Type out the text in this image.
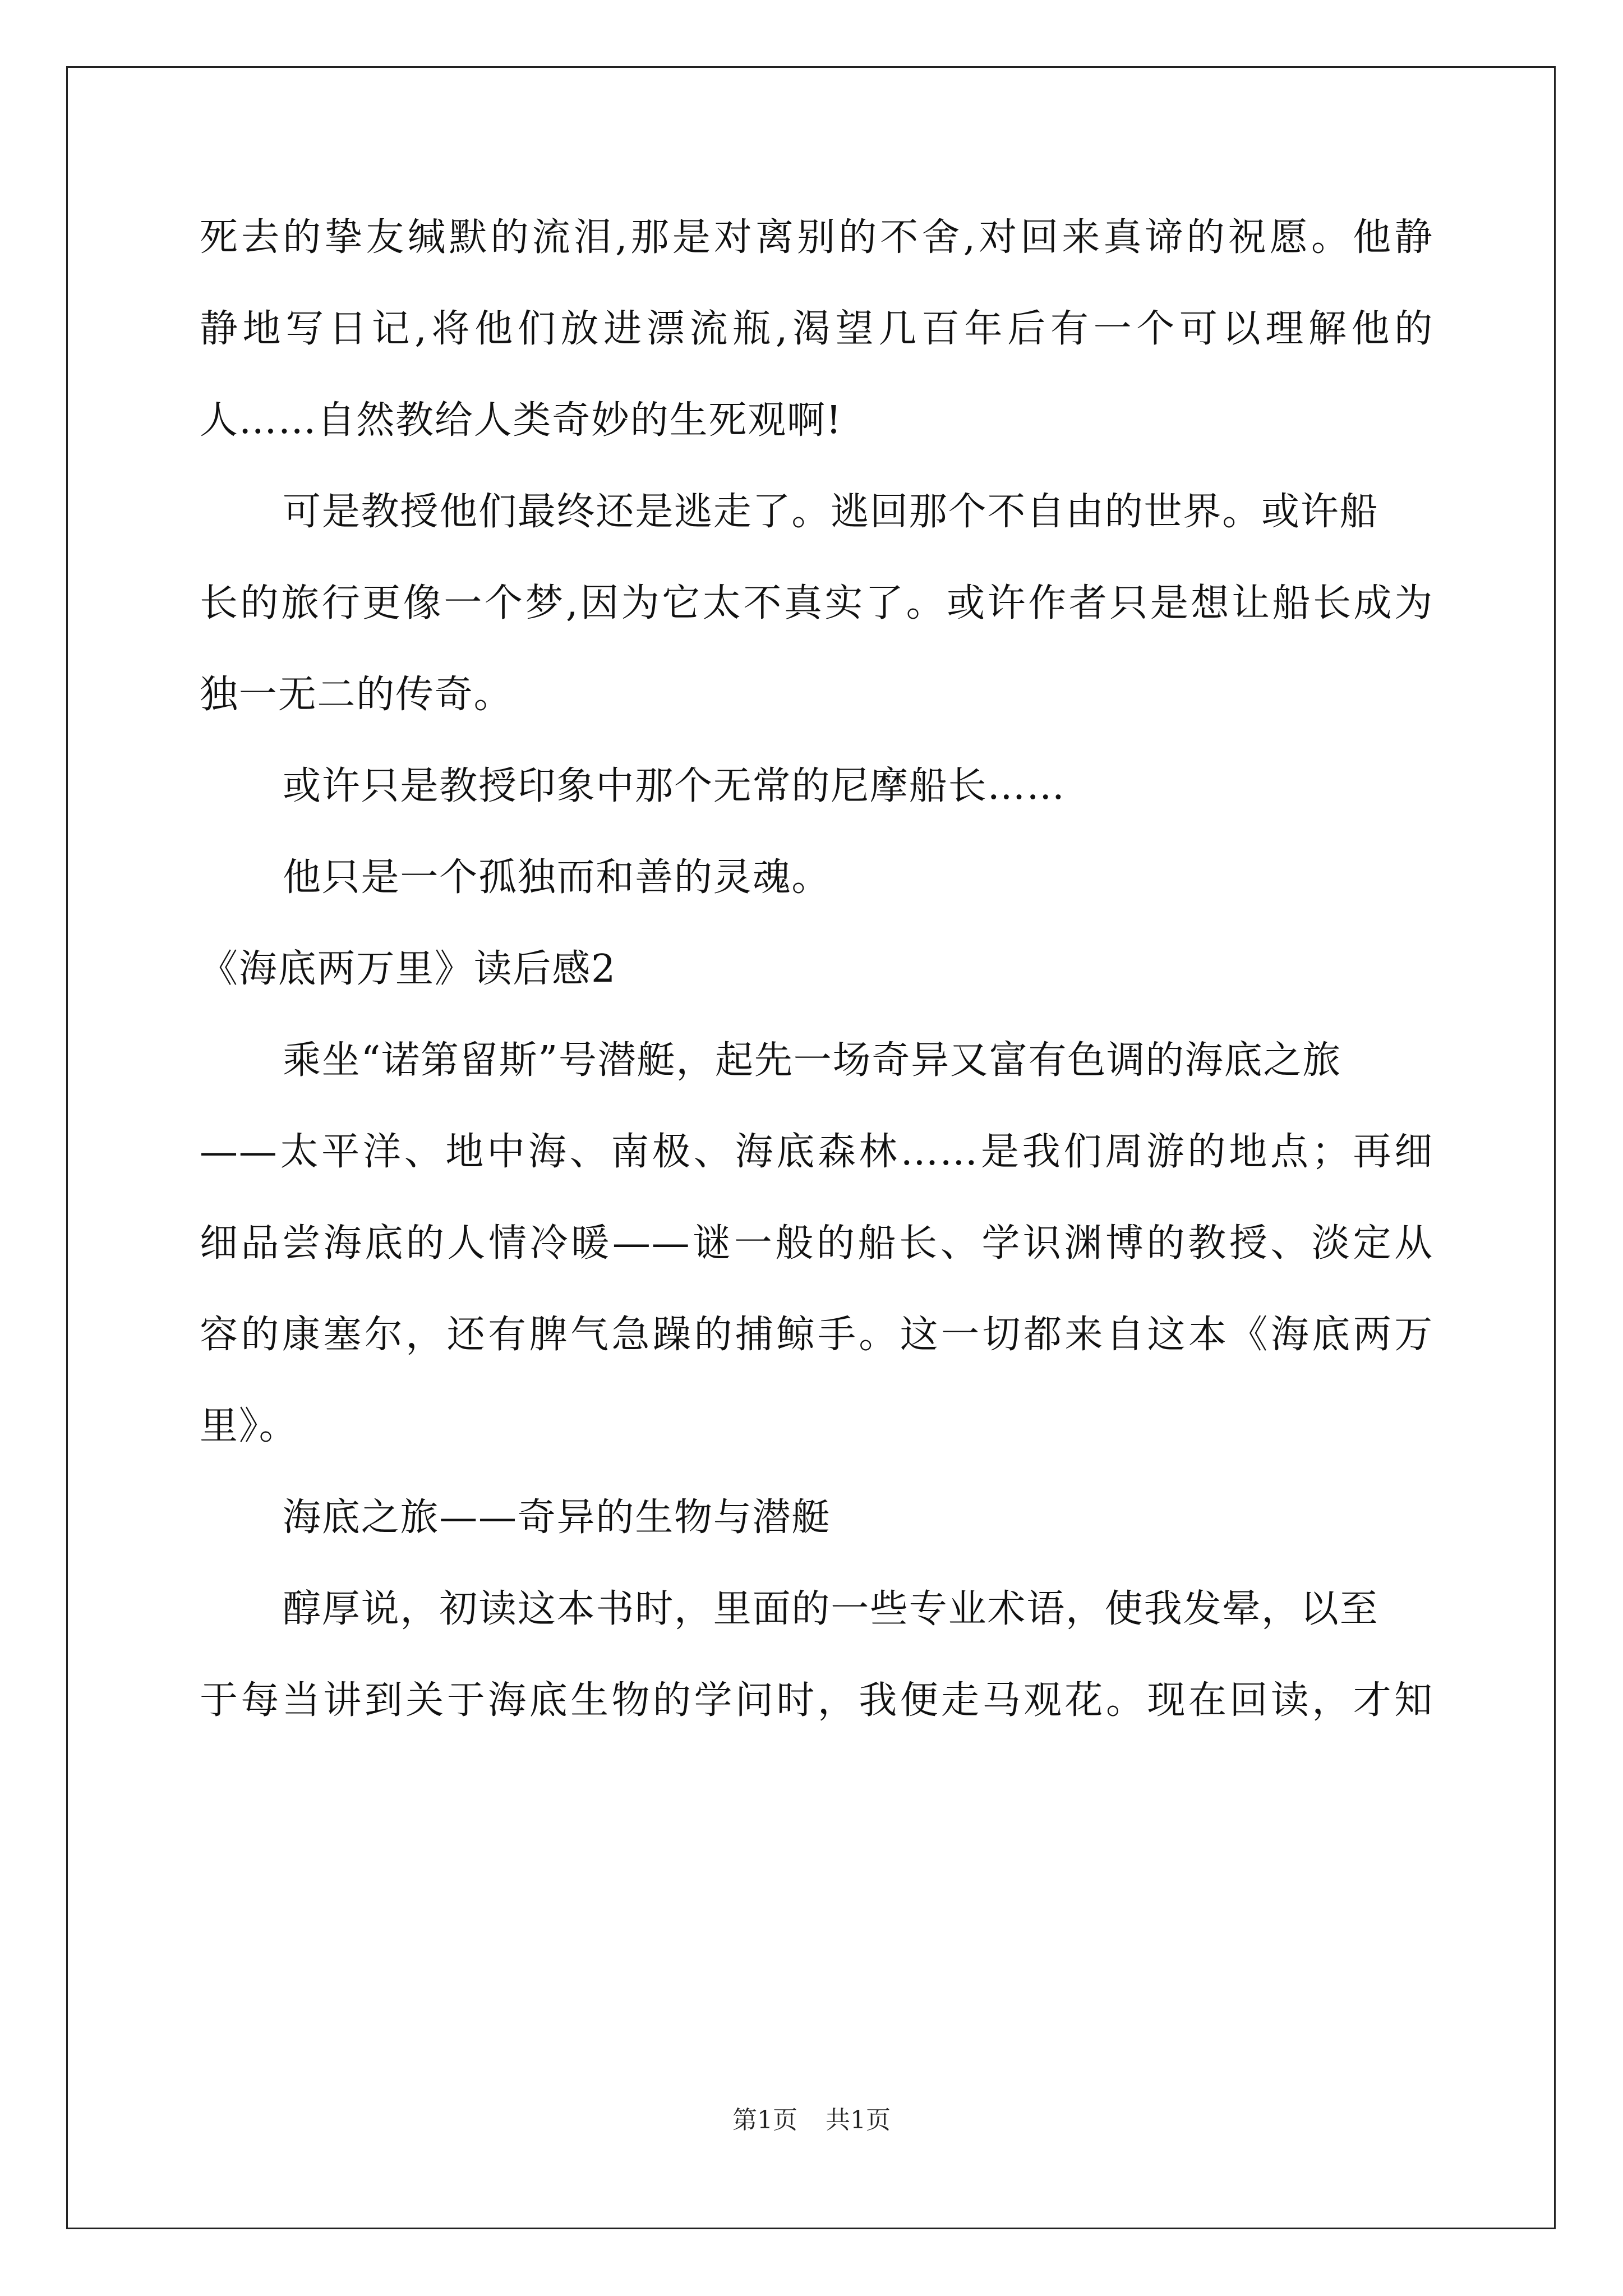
死去的挚友缄默的流泪,那是对离别的不舍,对回来真谛的祝愿。他静
静地写日记,将他们放进漂流瓶,渴望几百年后有一个可以理解他的
人……自然教给人类奇妙的生死观啊!
可是教授他们最终还是逃走了。逃回那个不自由的世界。或许船
长的旅行更像一个梦,因为它太不真实了。或许作者只是想让船长成为
独一无二的传奇。
或许只是教授印象中那个无常的尼摩船长……
他只是一个孤独而和善的灵魂。
《海底两万里》读后感2
乘坐“诺第留斯”号潜艇，起先一场奇异又富有色调的海底之旅
——太平洋、地中海、南极、海底森林……是我们周游的地点；再细
细品尝海底的人情冷暖——谜一般的船长、学识渊博的教授、淡定从
容的康塞尔，还有脾气急躁的捕鲸手。这一切都来自这本《海底两万
里》。
海底之旅——奇异的生物与潜艇
醇厚说，初读这本书时，里面的一些专业术语，使我发晕，以至
于每当讲到关于海底生物的学问时，我便走马观花。现在回读，才知
第1页 共1页
